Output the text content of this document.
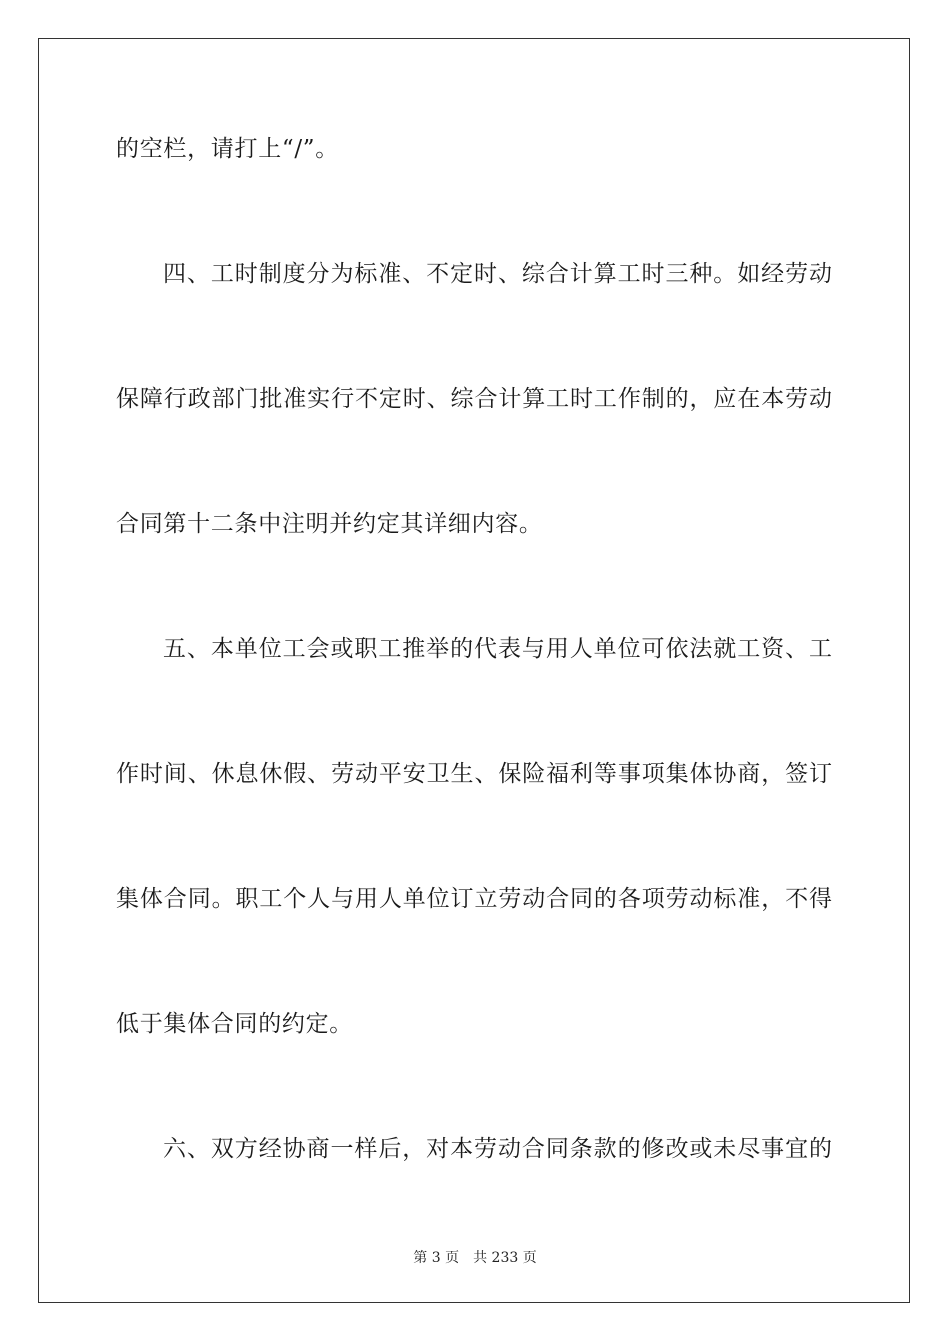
的空栏，请打上“/”。
四、工时制度分为标准、不定时、综合计算工时三种。如经劳动
保障行政部门批准实行不定时、综合计算工时工作制的，应在本劳动
合同第十二条中注明并约定其详细内容。
五、本单位工会或职工推举的代表与用人单位可依法就工资、工
作时间、休息休假、劳动平安卫生、保险福利等事项集体协商，签订
集体合同。职工个人与用人单位订立劳动合同的各项劳动标准，不得
低于集体合同的约定。
六、双方经协商一样后，对本劳动合同条款的修改或未尽事宜的
第 3 页 共 233 页
